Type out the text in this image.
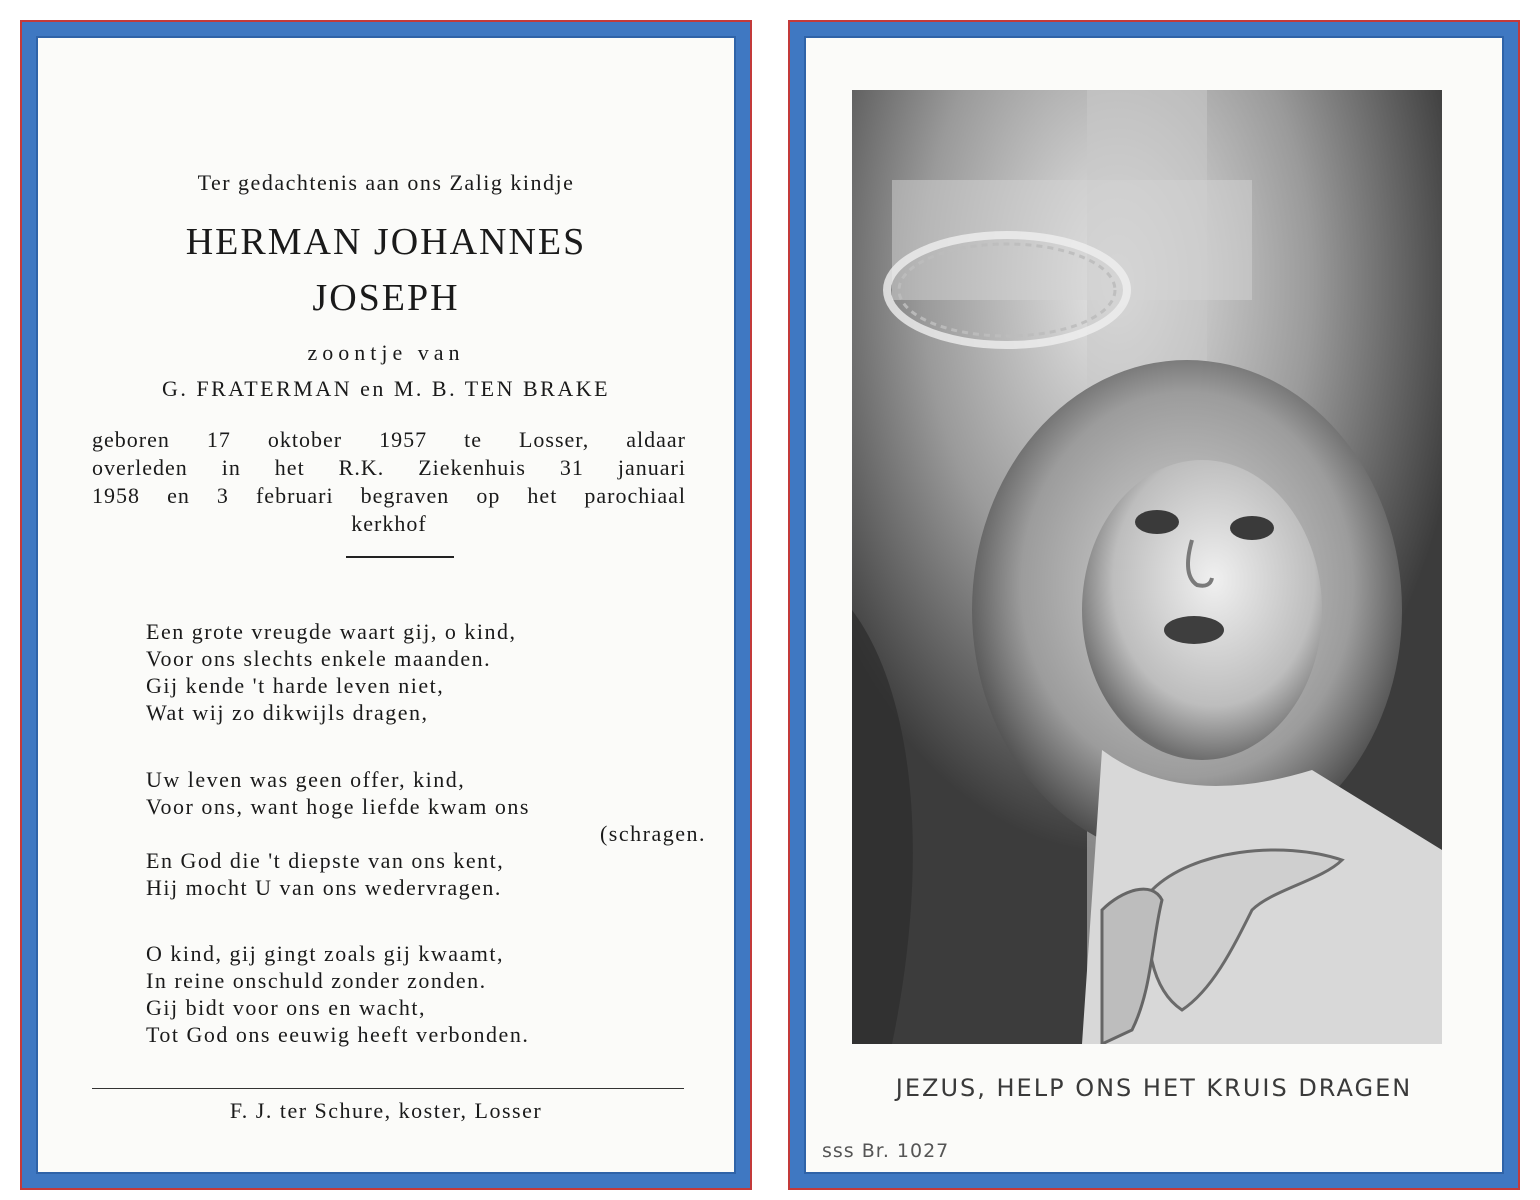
Ter gedachtenis aan ons Zalig kindje
HERMAN JOHANNES
JOSEPH
zoontje van
G. FRATERMAN en M. B. TEN BRAKE
geboren 17 oktober 1957 te Losser, aldaar
overleden in het R.K. Ziekenhuis 31 januari
1958 en 3 februari begraven op het parochiaal
kerkhof
Een grote vreugde waart gij, o kind,
Voor ons slechts enkele maanden.
Gij kende 't harde leven niet,
Wat wij zo dikwijls dragen,
Uw leven was geen offer, kind,
Voor ons, want hoge liefde kwam ons
(schragen.
En God die 't diepste van ons kent,
Hij mocht U van ons wedervragen.
O kind, gij gingt zoals gij kwaamt,
In reine onschuld zonder zonden.
Gij bidt voor ons en wacht,
Tot God ons eeuwig heeft verbonden.
F. J. ter Schure, koster, Losser
JEZUS, HELP ONS HET KRUIS DRAGEN
sss Br. 1027
